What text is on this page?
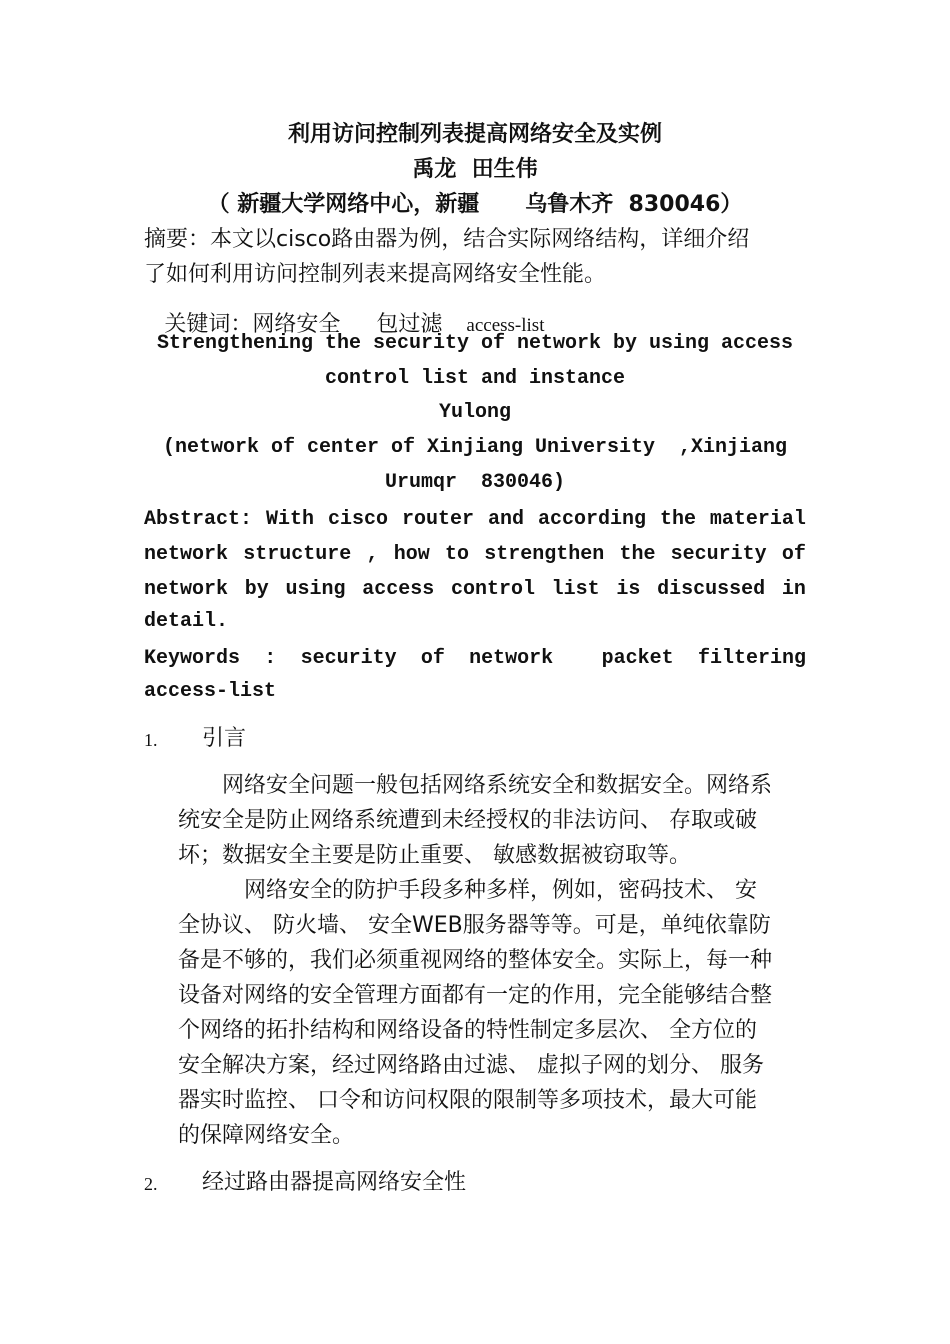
利用访问控制列表提高网络安全及实例
禹龙  田生伟
（ 新疆大学网络中心，新疆      乌鲁木齐  830046）
摘要：本文以cisco路由器为例，结合实际网络结构，详细介绍
了如何利用访问控制列表来提高网络安全性能。

关键词：网络安全 包过滤 access-list

Strengthening the security of network by using access
control list and instance
Yulong
(network of center of Xinjiang University  ,Xinjiang
Urumqr  830046)
Abstract: With cisco router and according the material
network structure , how to strengthen the security of
network by using access control list is discussed in
detail.
Keywords : security of network packet filtering
access-list
1. 引言
网络安全问题一般包括网络系统安全和数据安全。网络系
统安全是防止网络系统遭到未经授权的非法访问、 存取或破
坏；数据安全主要是防止重要、 敏感数据被窃取等。
网络安全的防护手段多种多样，例如，密码技术、 安
全协议、 防火墙、 安全WEB服务器等等。可是，单纯依靠防
备是不够的，我们必须重视网络的整体安全。实际上，每一种
设备对网络的安全管理方面都有一定的作用，完全能够结合整
个网络的拓扑结构和网络设备的特性制定多层次、 全方位的
安全解决方案，经过网络路由过滤、 虚拟子网的划分、 服务
器实时监控、 口令和访问权限的限制等多项技术，最大可能
的保障网络安全。
2. 经过路由器提高网络安全性
